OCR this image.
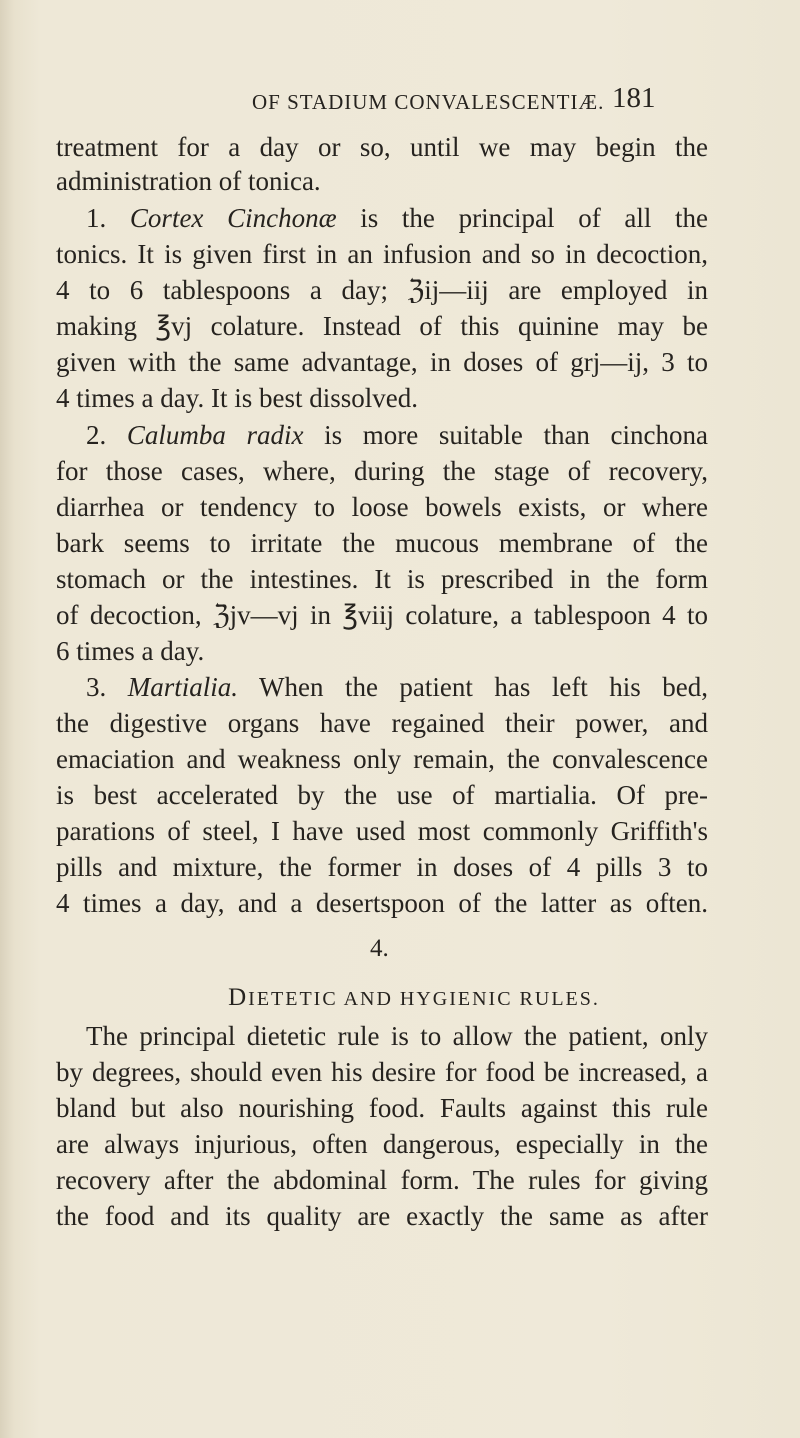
OF STADIUM CONVALESCENTIÆ. 181
treatment for a day or so, until we may begin the
administration of tonica.
1. Cortex Cinchonæ is the principal of all the
tonics. It is given first in an infusion and so in decoction,
4 to 6 tablespoons a day; ℨij—iij are employed in
making ℥vj colature. Instead of this quinine may be
given with the same advantage, in doses of grj—ij, 3 to
4 times a day. It is best dissolved.
2. Calumba radix is more suitable than cinchona
for those cases, where, during the stage of recovery,
diarrhea or tendency to loose bowels exists, or where
bark seems to irritate the mucous membrane of the
stomach or the intestines. It is prescribed in the form
of decoction, ℨjv—vj in ℥viij colature, a tablespoon 4 to
6 times a day.
3. Martialia. When the patient has left his bed,
the digestive organs have regained their power, and
emaciation and weakness only remain, the convalescence
is best accelerated by the use of martialia. Of pre-
parations of steel, I have used most commonly Griffith's
pills and mixture, the former in doses of 4 pills 3 to
4 times a day, and a desertspoon of the latter as often.
4.
DIETETIC AND HYGIENIC RULES.
The principal dietetic rule is to allow the patient, only
by degrees, should even his desire for food be increased, a
bland but also nourishing food. Faults against this rule
are always injurious, often dangerous, especially in the
recovery after the abdominal form. The rules for giving
the food and its quality are exactly the same as after
